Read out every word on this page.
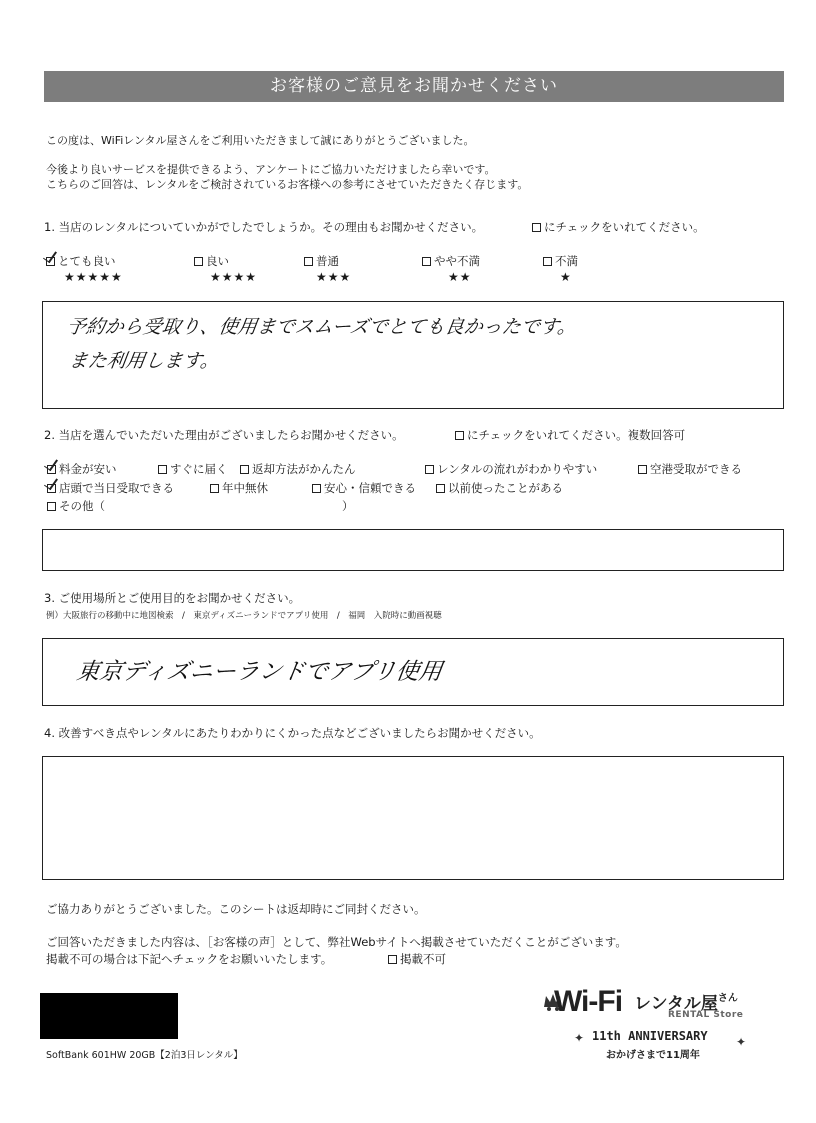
お客様のご意見をお聞かせください
この度は、WiFiレンタル屋さんをご利用いただきまして誠にありがとうございました。
今後より良いサービスを提供できるよう、アンケートにご協力いただけましたら幸いです。
こちらのご回答は、レンタルをご検討されているお客様への参考にさせていただきたく存じます。
1. 当店のレンタルについていかがでしたでしょうか。その理由もお聞かせください。	にチェックをいれてください。
とても良い
★★★★★
良い
★★★★
普通
★★★
やや不満
★★
不満
★
予約から受取り、使用までスムーズでとても良かったです。
また利用します。
2. 当店を選んでいただいた理由がございましたらお聞かせください。	にチェックをいれてください。複数回答可
料金が安い	すぐに届く	返却方法がかんたん	レンタルの流れがわかりやすい	空港受取ができる
店頭で当日受取できる	年中無休	安心・信頼できる	以前使ったことがある
その他（	）
3. ご使用場所とご使用目的をお聞かせください。
例）大阪旅行の移動中に地図検索　/　東京ディズニーランドでアプリ使用　/　福岡　入院時に動画視聴
東京ディズニーランドでアプリ使用
4. 改善すべき点やレンタルにあたりわかりにくかった点などございましたらお聞かせください。
ご協力ありがとうございました。このシートは返却時にご同封ください。
ご回答いただきました内容は、［お客様の声］として、弊社Webサイトへ掲載させていただくことがございます。
掲載不可の場合は下記へチェックをお願いいたします。	掲載不可
SoftBank 601HW 20GB【2泊3日レンタル】
Wi-Fi レンタル屋$^{さん}$
RENTAL Store
✦ 11th ANNIVERSARY ✦
おかげさまで11周年
